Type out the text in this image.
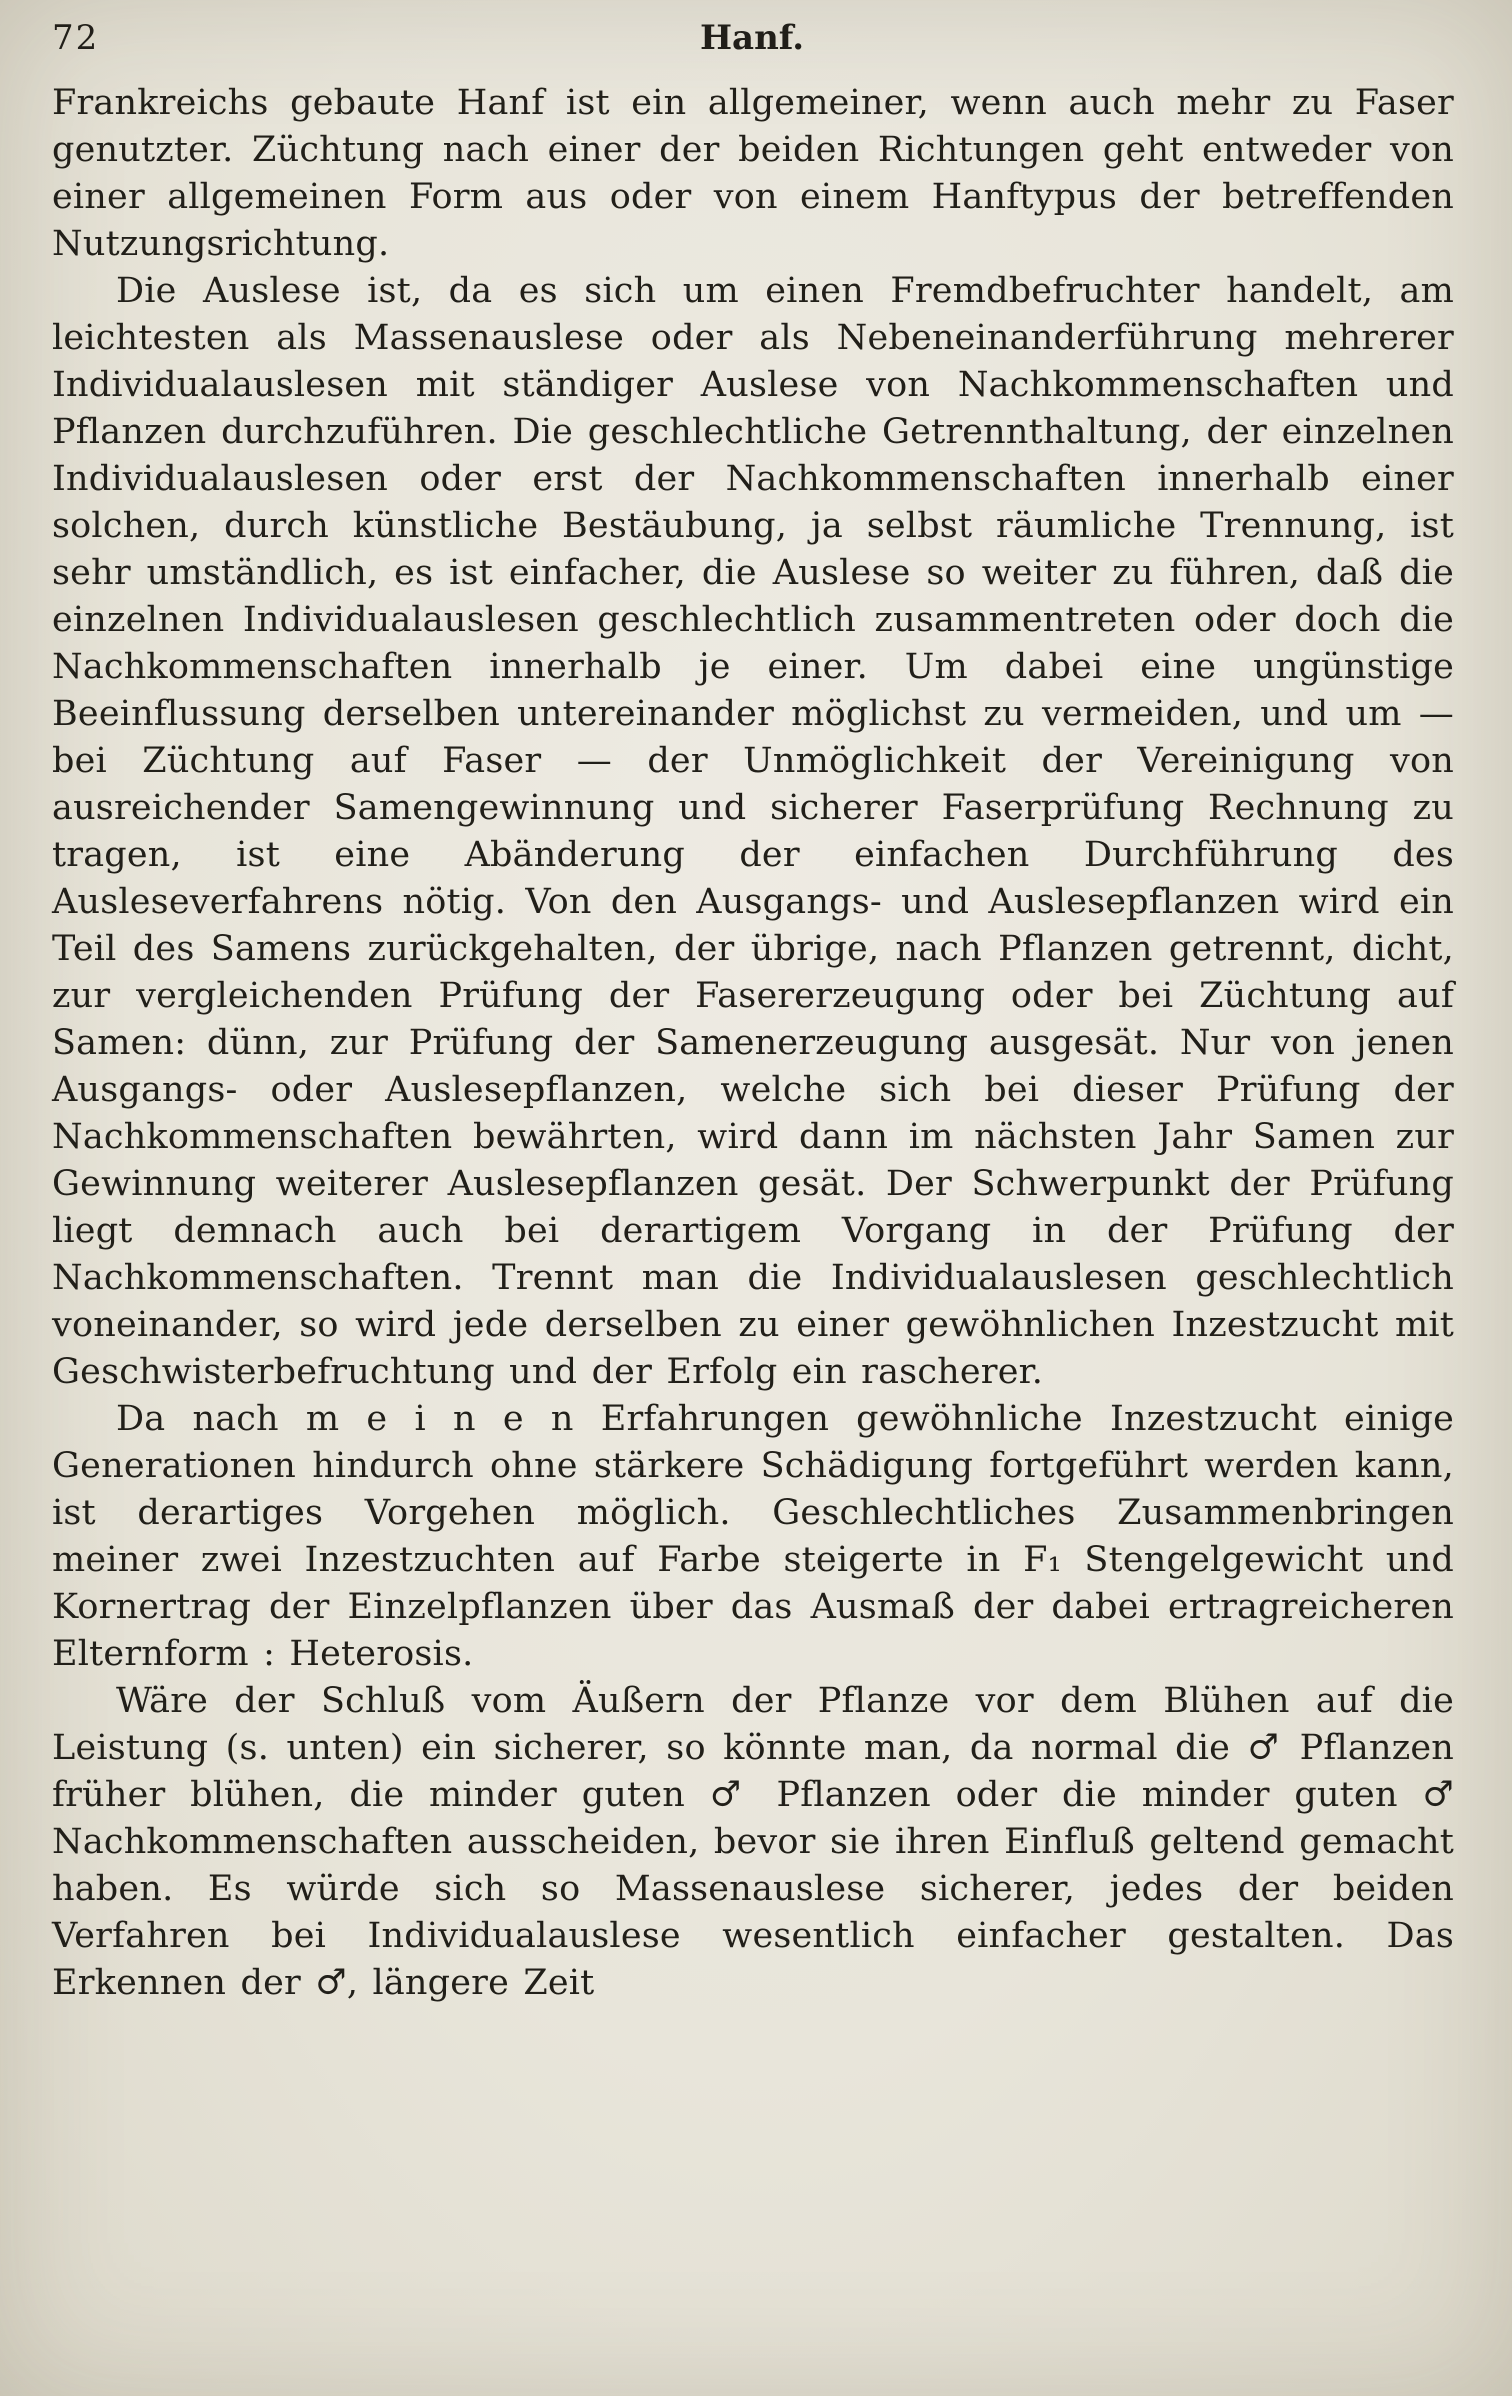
72	Hanf.

Frankreichs gebaute Hanf ist ein allgemeiner, wenn auch mehr zu Faser genutzter. Züchtung nach einer der beiden Richtungen geht entweder von einer allgemeinen Form aus oder von einem Hanftypus der betreffenden Nutzungsrichtung.

Die Auslese ist, da es sich um einen Fremdbefruchter handelt, am leichtesten als Massenauslese oder als Nebeneinanderführung mehrerer Individualauslesen mit ständiger Auslese von Nachkommenschaften und Pflanzen durchzuführen. Die geschlechtliche Getrennthaltung, der einzelnen Individualauslesen oder erst der Nachkommenschaften innerhalb einer solchen, durch künstliche Bestäubung, ja selbst räumliche Trennung, ist sehr umständlich, es ist einfacher, die Auslese so weiter zu führen, daß die einzelnen Individualauslesen geschlechtlich zusammentreten oder doch die Nachkommenschaften innerhalb je einer. Um dabei eine ungünstige Beeinflussung derselben untereinander möglichst zu vermeiden, und um — bei Züchtung auf Faser — der Unmöglichkeit der Vereinigung von ausreichender Samengewinnung und sicherer Faserprüfung Rechnung zu tragen, ist eine Abänderung der einfachen Durchführung des Ausleseverfahrens nötig. Von den Ausgangs- und Auslesepflanzen wird ein Teil des Samens zurückgehalten, der übrige, nach Pflanzen getrennt, dicht, zur vergleichenden Prüfung der Fasererzeugung oder bei Züchtung auf Samen: dünn, zur Prüfung der Samenerzeugung ausgesät. Nur von jenen Ausgangs- oder Auslesepflanzen, welche sich bei dieser Prüfung der Nachkommenschaften bewährten, wird dann im nächsten Jahr Samen zur Gewinnung weiterer Auslesepflanzen gesät. Der Schwerpunkt der Prüfung liegt demnach auch bei derartigem Vorgang in der Prüfung der Nachkommenschaften. Trennt man die Individualauslesen geschlechtlich voneinander, so wird jede derselben zu einer gewöhnlichen Inzestzucht mit Geschwisterbefruchtung und der Erfolg ein rascherer.

Da nach m e i n e n Erfahrungen gewöhnliche Inzestzucht einige Generationen hindurch ohne stärkere Schädigung fortgeführt werden kann, ist derartiges Vorgehen möglich. Geschlechtliches Zusammenbringen meiner zwei Inzestzuchten auf Farbe steigerte in F₁ Stengelgewicht und Kornertrag der Einzelpflanzen über das Ausmaß der dabei ertragreicheren Elternform : Heterosis.

Wäre der Schluß vom Äußern der Pflanze vor dem Blühen auf die Leistung (s. unten) ein sicherer, so könnte man, da normal die ♂ Pflanzen früher blühen, die minder guten ♂ Pflanzen oder die minder guten ♂ Nachkommenschaften ausscheiden, bevor sie ihren Einfluß geltend gemacht haben. Es würde sich so Massenauslese sicherer, jedes der beiden Verfahren bei Individualauslese wesentlich einfacher gestalten. Das Erkennen der ♂, längere Zeit
